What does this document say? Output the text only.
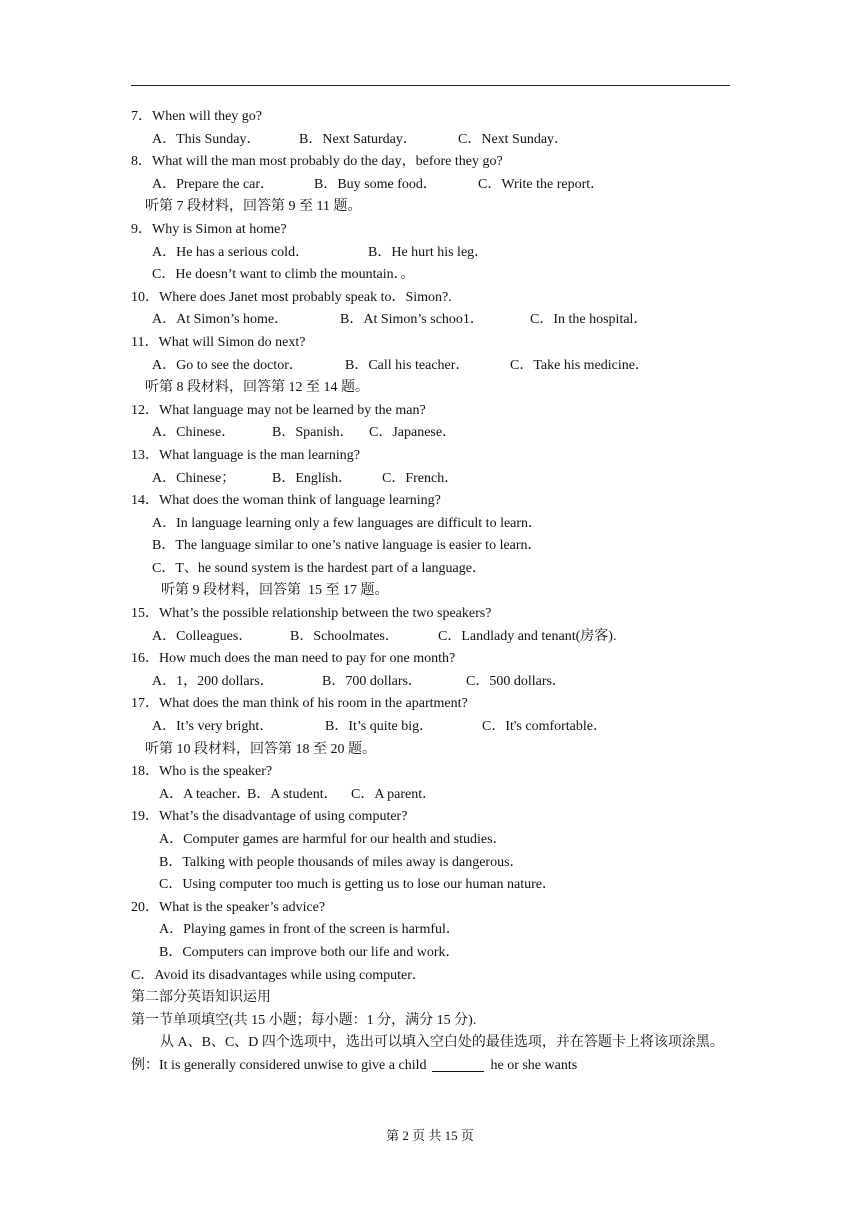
7．When will they go?
A．This Sunday．	B．Next Saturday．	C．Next Sunday．
8．What will the man most probably do the day，before they go?
A．Prepare the car．	B．Buy some food．	C．Write the report．
听第 7 段材料，回答第 9 至 11 题。
9．Why is Simon at home?
A．He has a serious cold．	B．He hurt his leg．
C．He doesn’t want to climb the mountain．。
10．Where does Janet most probably speak to．Simon?.
A．At Simon’s home．	B．At Simon’s schoo1．	C．In the hospital．
11．What will Simon do next?
A．Go to see the doctor．	B．Call his teacher．	C．Take his medicine．
听第 8 段材料，回答第 12 至 14 题。
12．What language may not be learned by the man?
A．Chinese．	B．Spanish． C．Japanese．
13．What language is the man learning?
A．Chinese；	B．English． C．French．
14．What does the woman think of language learning?
A．In language learning only a few languages are difficult to learn．
B．The language similar to one’s native language is easier to learn．
C．T、he sound system is the hardest part of a language．
听第 9 段材料，回答第  15 至 17 题。
15．What’s the possible relationship between the two speakers?
A．Colleagues．	B．Schoolmates．	C．Landlady and tenant(房客).
16．How much does the man need to pay for one month?
A．1，200 dollars．	B．700 dollars．	C．500 dollars．
17．What does the man think of his room in the apartment?
A．It’s very bright．	B．It’s quite big．	C．It's comfortable．
听第 10 段材料，回答第 18 至 20 题。
18．Who is the speaker?
A．A teacher．B．A student． C．A parent．
19．What’s the disadvantage of using computer?
A．Computer games are harmful for our health and studies．
B．Talking with people thousands of miles away is dangerous．
C．Using computer too much is getting us to lose our human nature．
20．What is the speaker’s advice?
A．Playing games in front of the screen is harmful．
B．Computers can improve both our life and work．
C．Avoid its disadvantages while using computer．
第二部分英语知识运用
第一节单项填空(共 15 小题；每小题：1 分，满分 15 分).
从 A、B、C、D 四个选项中，选出可以填入空白处的最佳选项，并在答题卡上将该项涂黑。
例：It is generally considered unwise to give a child	he or she wants
第 2 页 共 15 页
